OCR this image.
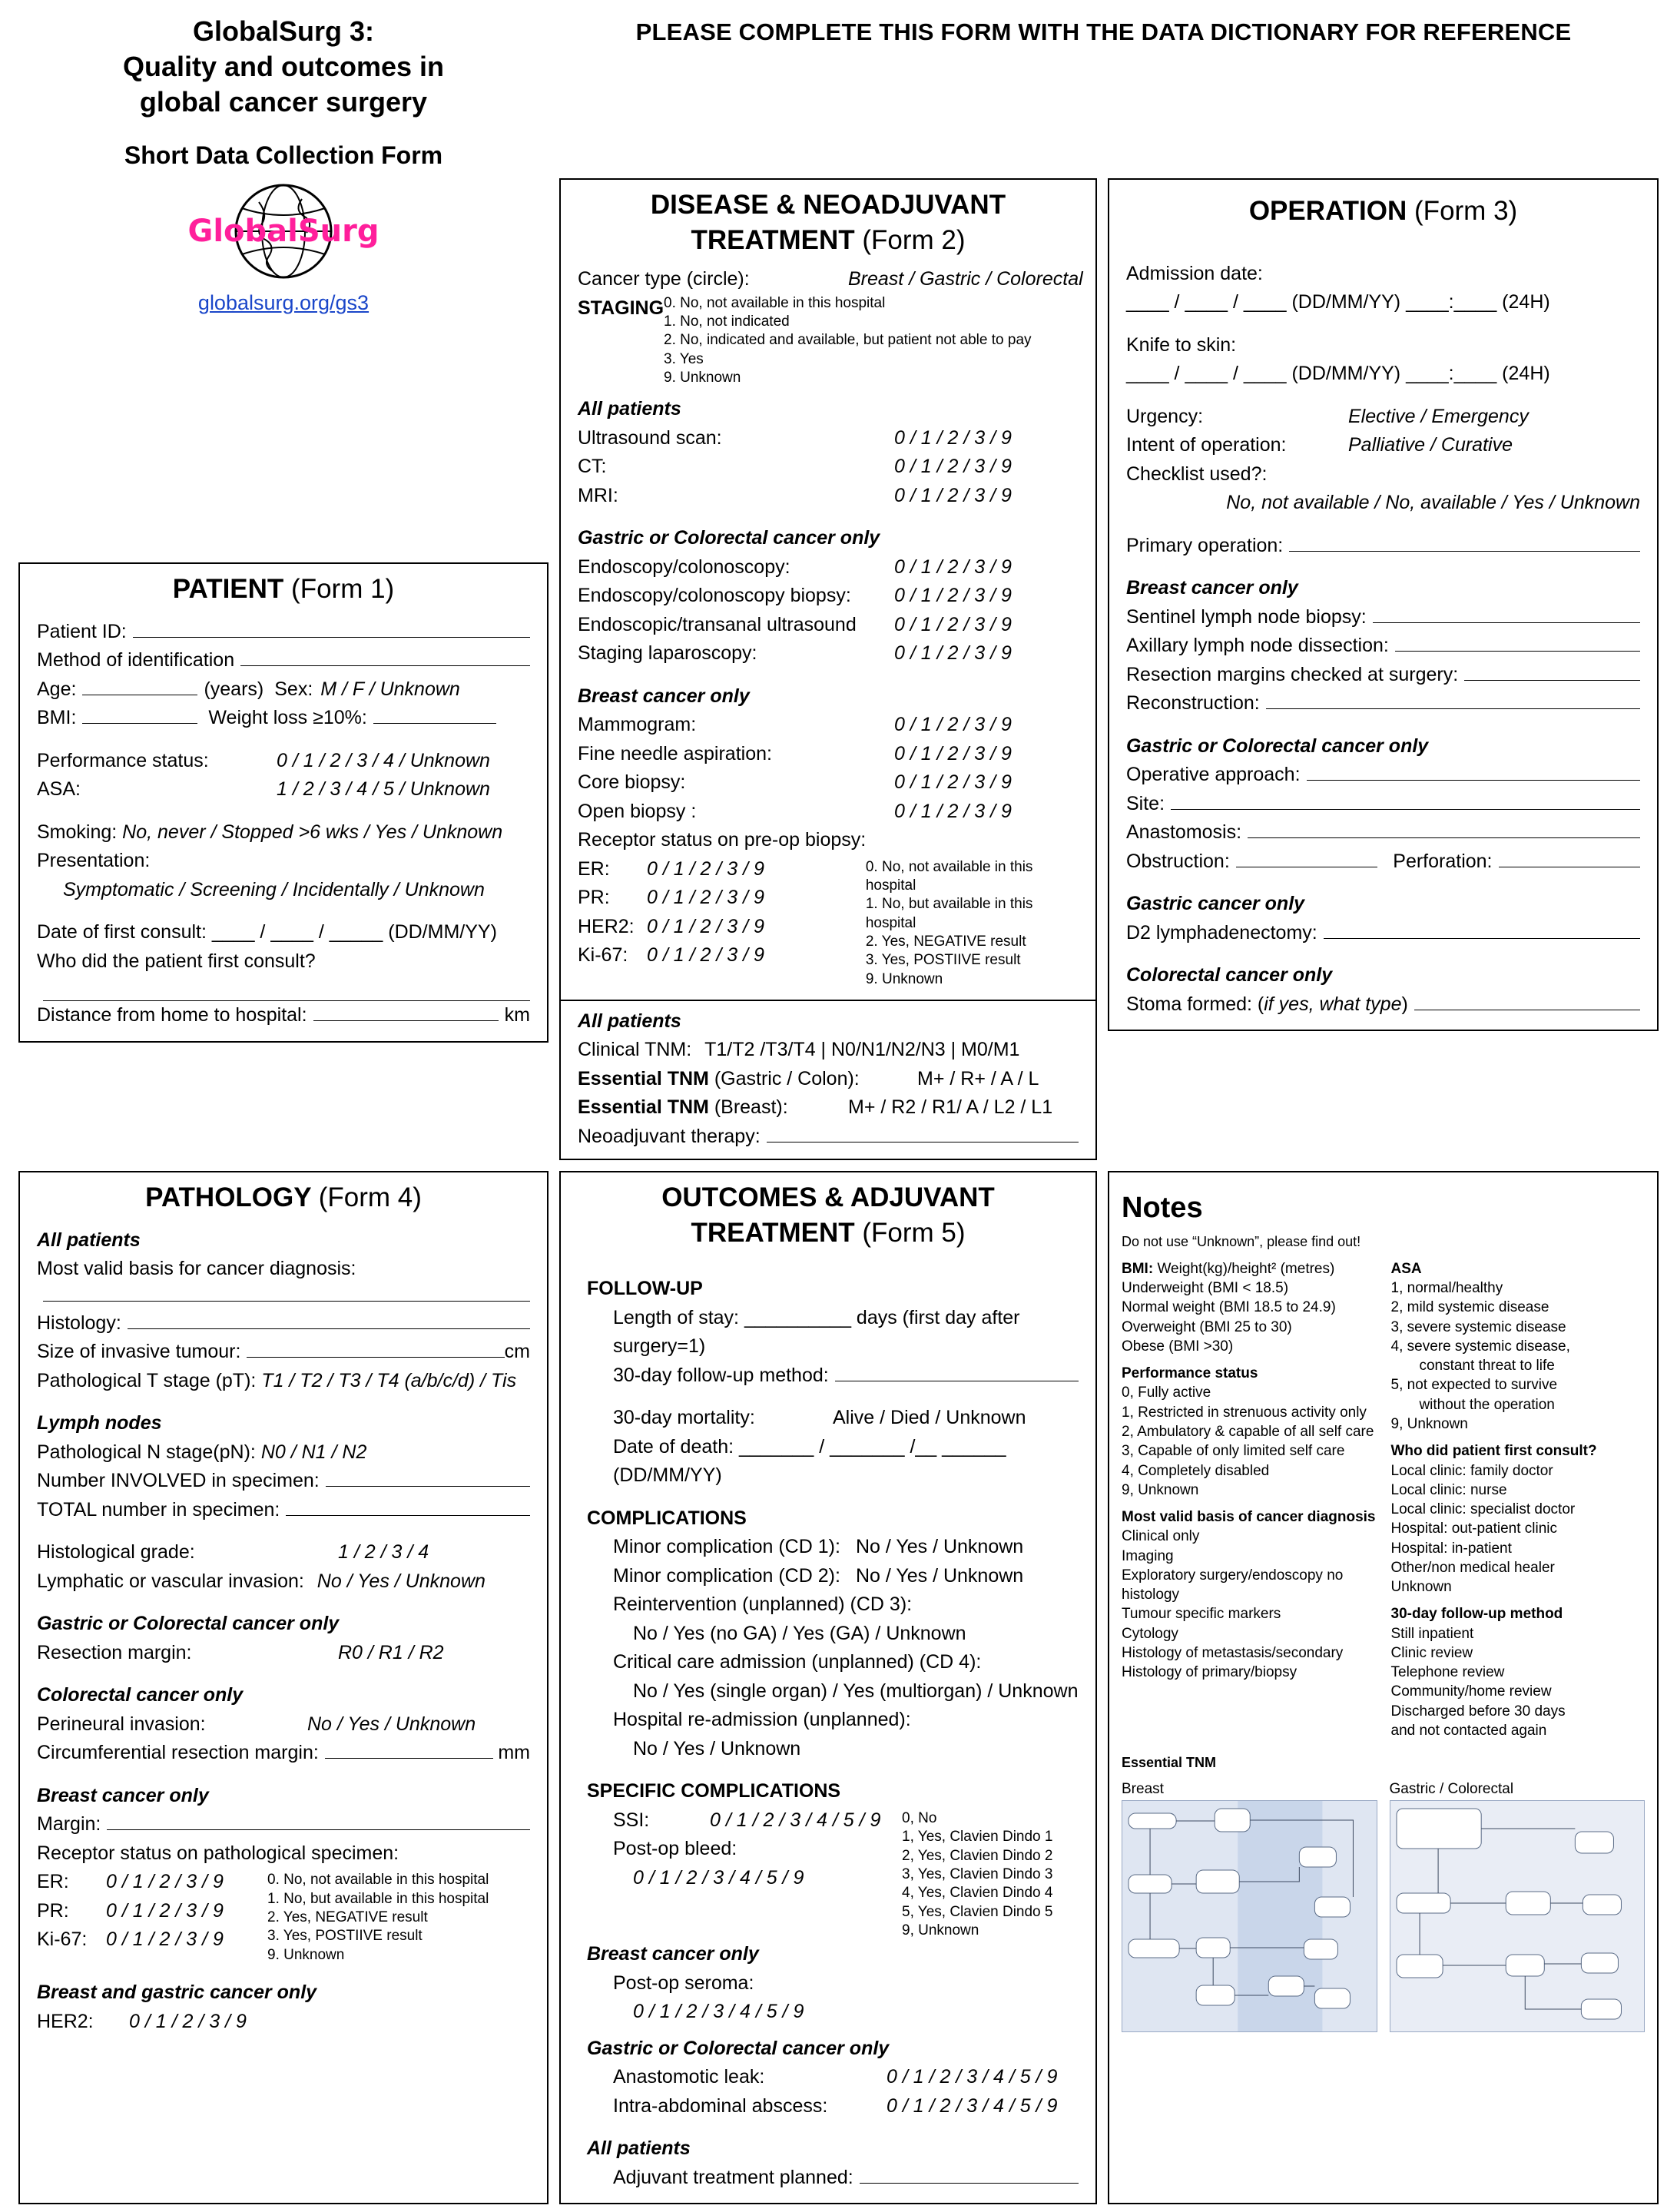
GlobalSurg 3:
Quality and outcomes in
global cancer surgery
Short Data Collection Form
GlobalSurg
globalsurg.org/gs3
PLEASE COMPLETE THIS FORM WITH THE DATA DICTIONARY FOR REFERENCE
PATIENT (Form 1)
Patient ID:
Method of identification
Age:	(years) Sex: M / F / Unknown
BMI:	Weight loss ≥10%:
Performance status:	0 / 1 / 2 / 3 / 4 / Unknown
ASA:	1 / 2 / 3 / 4 / 5 / Unknown
Smoking: No, never / Stopped >6 wks / Yes / Unknown
Presentation:
Symptomatic / Screening / Incidentally / Unknown
Date of first consult: ____ / ____ / _____ (DD/MM/YY)
Who did the patient first consult?
Distance from home to hospital:	km
DISEASE & NEOADJUVANT
TREATMENT (Form 2)
Cancer type (circle):	Breast / Gastric / Colorectal
STAGING 0. No, not available in this hospital
1. No, not indicated
2. No, indicated and available, but patient not able to pay
3. Yes
9. Unknown
All patients
Ultrasound scan:	0 / 1 / 2 / 3 / 9
CT:	0 / 1 / 2 / 3 / 9
MRI:	0 / 1 / 2 / 3 / 9
Gastric or Colorectal cancer only
Endoscopy/colonoscopy:	0 / 1 / 2 / 3 / 9
Endoscopy/colonoscopy biopsy:	0 / 1 / 2 / 3 / 9
Endoscopic/transanal ultrasound	0 / 1 / 2 / 3 / 9
Staging laparoscopy:	0 / 1 / 2 / 3 / 9
Breast cancer only
Mammogram:	0 / 1 / 2 / 3 / 9
Fine needle aspiration:	0 / 1 / 2 / 3 / 9
Core biopsy:	0 / 1 / 2 / 3 / 9
Open biopsy :	0 / 1 / 2 / 3 / 9
Receptor status on pre-op biopsy:
ER:	0 / 1 / 2 / 3 / 9
PR:	0 / 1 / 2 / 3 / 9
HER2: 0 / 1 / 2 / 3 / 9
Ki-67: 0 / 1 / 2 / 3 / 9
0. No, not available in this hospital
1. No, but available in this hospital
2. Yes, NEGATIVE result
3. Yes, POSTIIVE result
9. Unknown
All patients
Clinical TNM: T1/T2 /T3/T4 | N0/N1/N2/N3 | M0/M1
Essential TNM (Gastric / Colon):	M+ / R+ / A / L
Essential TNM (Breast):	M+ / R2 / R1/ A / L2 / L1
Neoadjuvant therapy:
OPERATION (Form 3)
Admission date:
____ / ____ / ____ (DD/MM/YY) ____:____ (24H)
Knife to skin:
____ / ____ / ____ (DD/MM/YY) ____:____ (24H)
Urgency:	Elective / Emergency
Intent of operation:	Palliative / Curative
Checklist used?:
No, not available / No, available / Yes / Unknown
Primary operation:
Breast cancer only
Sentinel lymph node biopsy:
Axillary lymph node dissection:
Resection margins checked at surgery:
Reconstruction:
Gastric or Colorectal cancer only
Operative approach:
Site:
Anastomosis:
Obstruction:	Perforation:
Gastric cancer only
D2 lymphadenectomy:
Colorectal cancer only
Stoma formed: (if yes, what type)
PATHOLOGY (Form 4)
All patients
Most valid basis for cancer diagnosis:
Histology:
Size of invasive tumour:	cm
Pathological T stage (pT): T1 / T2 / T3 / T4 (a/b/c/d) / Tis
Lymph nodes
Pathological N stage(pN): N0 / N1 / N2
Number INVOLVED in specimen:
TOTAL number in specimen:
Histological grade:	1 / 2 / 3 / 4
Lymphatic or vascular invasion: No / Yes / Unknown
Gastric or Colorectal cancer only
Resection margin:	R0 / R1 / R2
Colorectal cancer only
Perineural invasion:	No / Yes / Unknown
Circumferential resection margin:	mm
Breast cancer only
Margin:
Receptor status on pathological specimen:
ER:	0 / 1 / 2 / 3 / 9
PR:	0 / 1 / 2 / 3 / 9
Ki-67: 0 / 1 / 2 / 3 / 9
0. No, not available in this hospital
1. No, but available in this hospital
2. Yes, NEGATIVE result
3. Yes, POSTIIVE result
9. Unknown
Breast and gastric cancer only
HER2:	0 / 1 / 2 / 3 / 9
OUTCOMES & ADJUVANT
TREATMENT (Form 5)
FOLLOW-UP
Length of stay: __________ days (first day after surgery=1)
30-day follow-up method:
30-day mortality:	Alive / Died / Unknown
Date of death: _______ / _______ /__ ______ (DD/MM/YY)
COMPLICATIONS
Minor complication (CD 1): No / Yes / Unknown
Minor complication (CD 2): No / Yes / Unknown
Reintervention (unplanned) (CD 3):
No / Yes (no GA) / Yes (GA) / Unknown
Critical care admission (unplanned) (CD 4):
No / Yes (single organ) / Yes (multiorgan) / Unknown
Hospital re-admission (unplanned):
No / Yes / Unknown
SPECIFIC COMPLICATIONS
SSI:	0 / 1 / 2 / 3 / 4 / 5 / 9
Post-op bleed:
0 / 1 / 2 / 3 / 4 / 5 / 9
0, No
1, Yes, Clavien Dindo 1
2, Yes, Clavien Dindo 2
3, Yes, Clavien Dindo 3
4, Yes, Clavien Dindo 4
5, Yes, Clavien Dindo 5
9, Unknown
Breast cancer only
Post-op seroma:
0 / 1 / 2 / 3 / 4 / 5 / 9
Gastric or Colorectal cancer only
Anastomotic leak:	0 / 1 / 2 / 3 / 4 / 5 / 9
Intra-abdominal abscess:	0 / 1 / 2 / 3 / 4 / 5 / 9
All patients
Adjuvant treatment planned:
Notes
Do not use “Unknown”, please find out!
BMI: Weight(kg)/height² (metres)
Underweight (BMI < 18.5)
Normal weight (BMI 18.5 to 24.9)
Overweight (BMI 25 to 30)
Obese (BMI >30)
Performance status
0, Fully active
1, Restricted in strenuous activity only
2, Ambulatory & capable of all self care
3, Capable of only limited self care
4, Completely disabled
9, Unknown
Most valid basis of cancer diagnosis
Clinical only
Imaging
Exploratory surgery/endoscopy no histology
Tumour specific markers
Cytology
Histology of metastasis/secondary
Histology of primary/biopsy
ASA
1, normal/healthy
2, mild systemic disease
3, severe systemic disease
4, severe systemic disease,
constant threat to life
5, not expected to survive
without the operation
9, Unknown
Who did patient first consult?
Local clinic: family doctor
Local clinic: nurse
Local clinic: specialist doctor
Hospital: out-patient clinic
Hospital: in-patient
Other/non medical healer
Unknown
30-day follow-up method
Still inpatient
Clinic review
Telephone review
Community/home review
Discharged before 30 days
and not contacted again
Essential TNM
Breast	Gastric / Colorectal
